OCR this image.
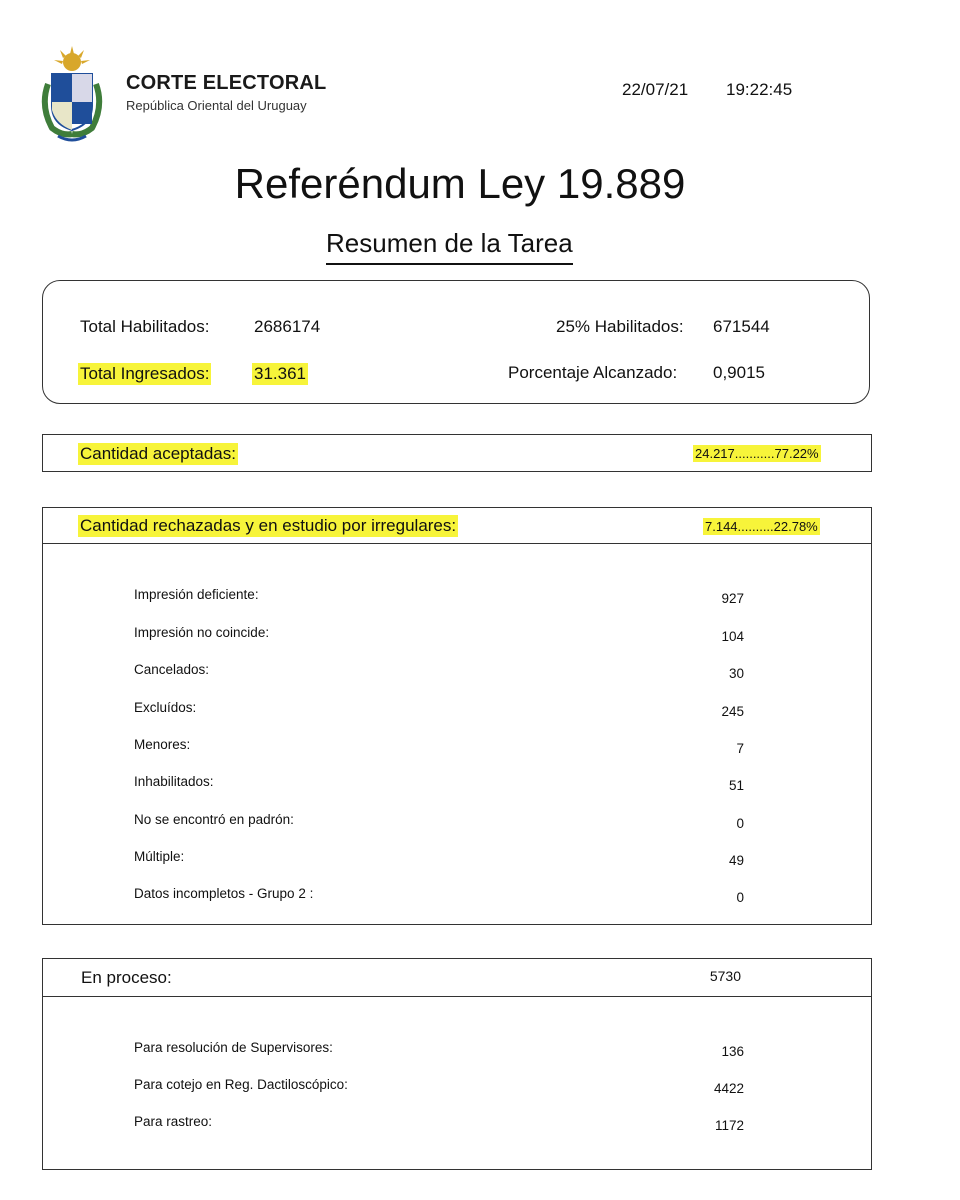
CORTE ELECTORAL
República Oriental del Uruguay
22/07/21 19:22:45
Referéndum Ley 19.889
Resumen de la Tarea
Total Habilitados:	2686174	25% Habilitados: 671544
Total Ingresados:	31.361	Porcentaje Alcanzado: 0,9015
Cantidad aceptadas:	24.217...........77.22%
Cantidad rechazadas y en estudio por irregulares:	7.144..........22.78%
Impresión deficiente:	927
Impresión no coincide:	104
Cancelados:	30
Excluídos:	245
Menores:	7
Inhabilitados:	51
No se encontró en padrón:	0
Múltiple:	49
Datos incompletos - Grupo 2 :	0
En proceso:	5730
Para resolución de Supervisores:	136
Para cotejo en Reg. Dactiloscópico:	4422
Para rastreo:	1172
